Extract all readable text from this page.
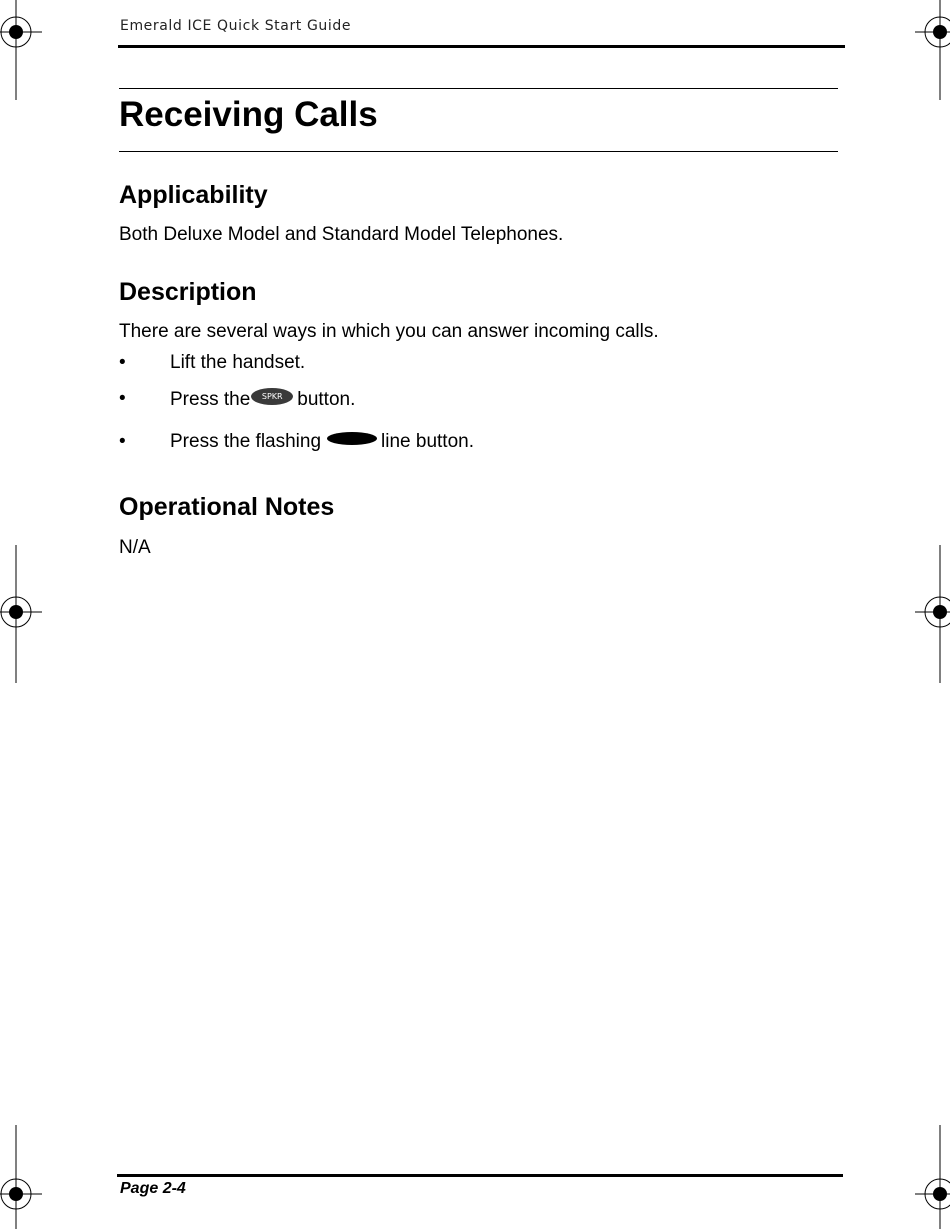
Emerald ICE Quick Start Guide
Receiving Calls
Applicability

Both Deluxe Model and Standard Model Telephones.

Description

There are several ways in which you can answer incoming calls.

• Lift the handset.
• Press the SPKR button.
• Press the flashing	line button.
Operational Notes

N/A

Page 2-4
